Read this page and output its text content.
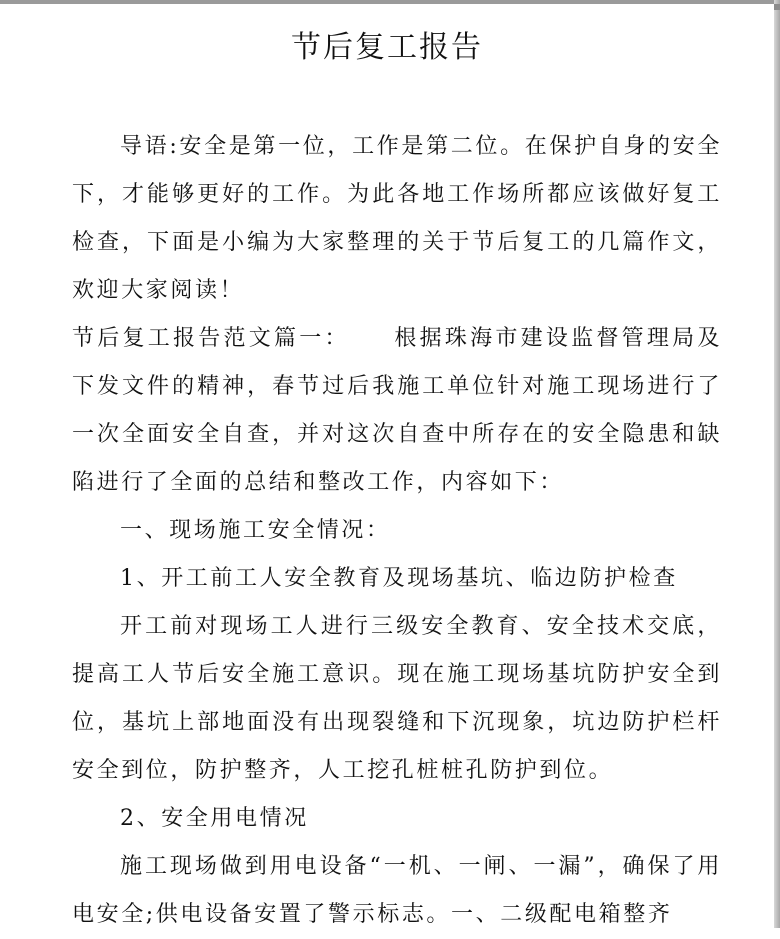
节后复工报告

导语:安全是第一位，工作是第二位。在保护自身的安全下，才能够更好的工作。为此各地工作场所都应该做好复工检查，下面是小编为大家整理的关于节后复工的几篇作文，欢迎大家阅读！

节后复工报告范文篇一： 根据珠海市建设监督管理局及下发文件的精神，春节过后我施工单位针对施工现场进行了一次全面安全自查，并对这次自查中所存在的安全隐患和缺陷进行了全面的总结和整改工作，内容如下：

一、现场施工安全情况：

1、开工前工人安全教育及现场基坑、临边防护检查

开工前对现场工人进行三级安全教育、安全技术交底，提高工人节后安全施工意识。现在施工现场基坑防护安全到位，基坑上部地面没有出现裂缝和下沉现象，坑边防护栏杆安全到位，防护整齐，人工挖孔桩桩孔防护到位。

2、安全用电情况

施工现场做到用电设备“一机、一闸、一漏”，确保了用电安全;供电设备安置了警示标志。一、二级配电箱整齐
